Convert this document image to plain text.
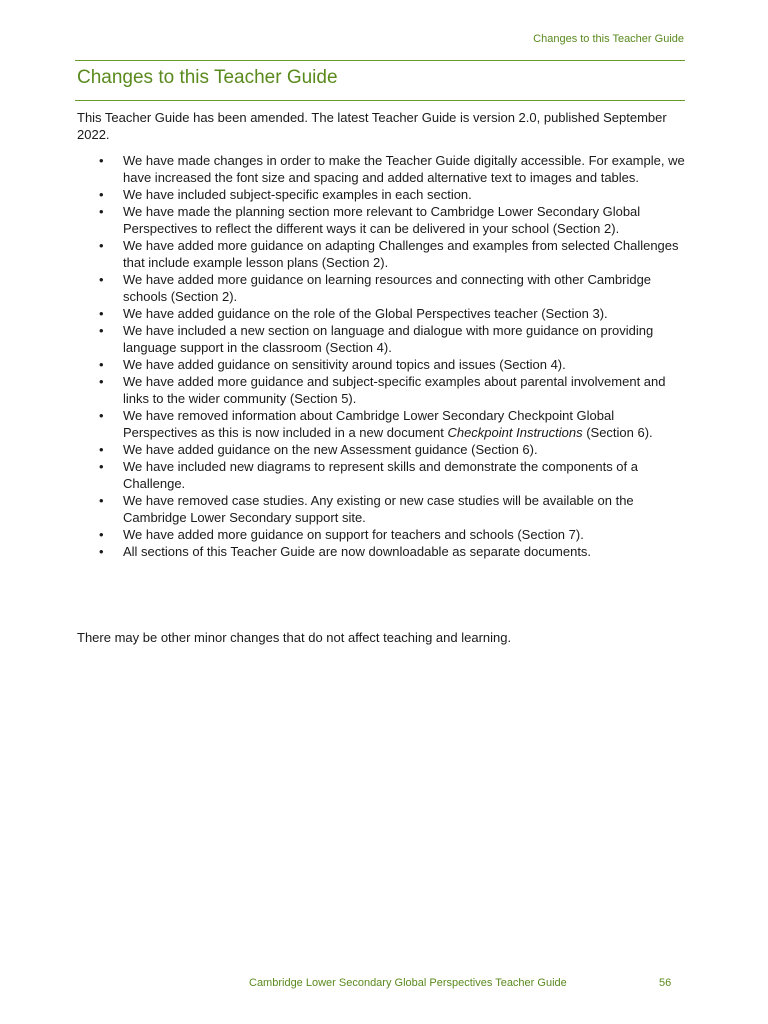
Changes to this Teacher Guide
Changes to this Teacher Guide

This Teacher Guide has been amended. The latest Teacher Guide is version 2.0, published September 2022.

• We have made changes in order to make the Teacher Guide digitally accessible. For example, we have increased the font size and spacing and added alternative text to images and tables.
• We have included subject-specific examples in each section.
• We have made the planning section more relevant to Cambridge Lower Secondary Global Perspectives to reflect the different ways it can be delivered in your school (Section 2).
• We have added more guidance on adapting Challenges and examples from selected Challenges that include example lesson plans (Section 2).
• We have added more guidance on learning resources and connecting with other Cambridge schools (Section 2).
• We have added guidance on the role of the Global Perspectives teacher (Section 3).
• We have included a new section on language and dialogue with more guidance on providing language support in the classroom (Section 4).
• We have added guidance on sensitivity around topics and issues (Section 4).
• We have added more guidance and subject-specific examples about parental involvement and links to the wider community (Section 5).
• We have removed information about Cambridge Lower Secondary Checkpoint Global Perspectives as this is now included in a new document Checkpoint Instructions (Section 6).
• We have added guidance on the new Assessment guidance (Section 6).
• We have included new diagrams to represent skills and demonstrate the components of a Challenge.
• We have removed case studies. Any existing or new case studies will be available on the Cambridge Lower Secondary support site.
• We have added more guidance on support for teachers and schools (Section 7).
• All sections of this Teacher Guide are now downloadable as separate documents.

There may be other minor changes that do not affect teaching and learning.

Cambridge Lower Secondary Global Perspectives Teacher Guide	56
